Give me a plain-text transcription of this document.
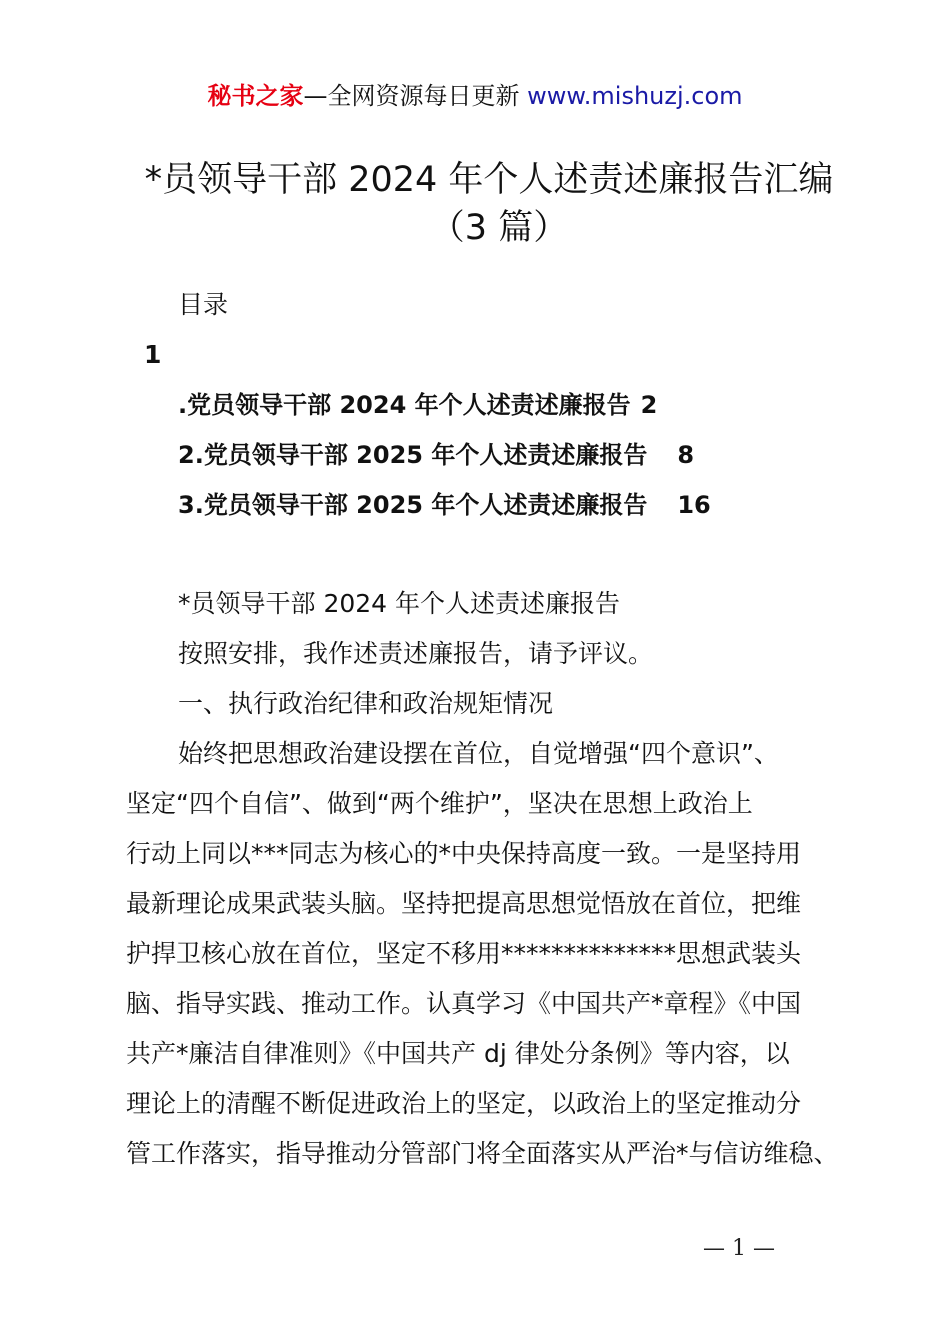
秘书之家—全网资源每日更新 www.mishuzj.com
*员领导干部 2024 年个人述责述廉报告汇编
（3 篇）
目录
1
.党员领导干部 2024 年个人述责述廉报告 2
2.党员领导干部 2025 年个人述责述廉报告 8
3.党员领导干部 2025 年个人述责述廉报告 16
*员领导干部 2024 年个人述责述廉报告
按照安排，我作述责述廉报告，请予评议。
一、执行政治纪律和政治规矩情况
始终把思想政治建设摆在首位，自觉增强“四个意识”、
坚定“四个自信”、做到“两个维护”，坚决在思想上政治上
行动上同以***同志为核心的*中央保持高度一致。一是坚持用
最新理论成果武装头脑。坚持把提高思想觉悟放在首位，把维
护捍卫核心放在首位，坚定不移用**************思想武装头
脑、指导实践、推动工作。认真学习《中国共产*章程》《中国
共产*廉洁自律准则》《中国共产 dj 律处分条例》等内容，以
理论上的清醒不断促进政治上的坚定，以政治上的坚定推动分
管工作落实，指导推动分管部门将全面落实从严治*与信访维稳、
— 1 —
